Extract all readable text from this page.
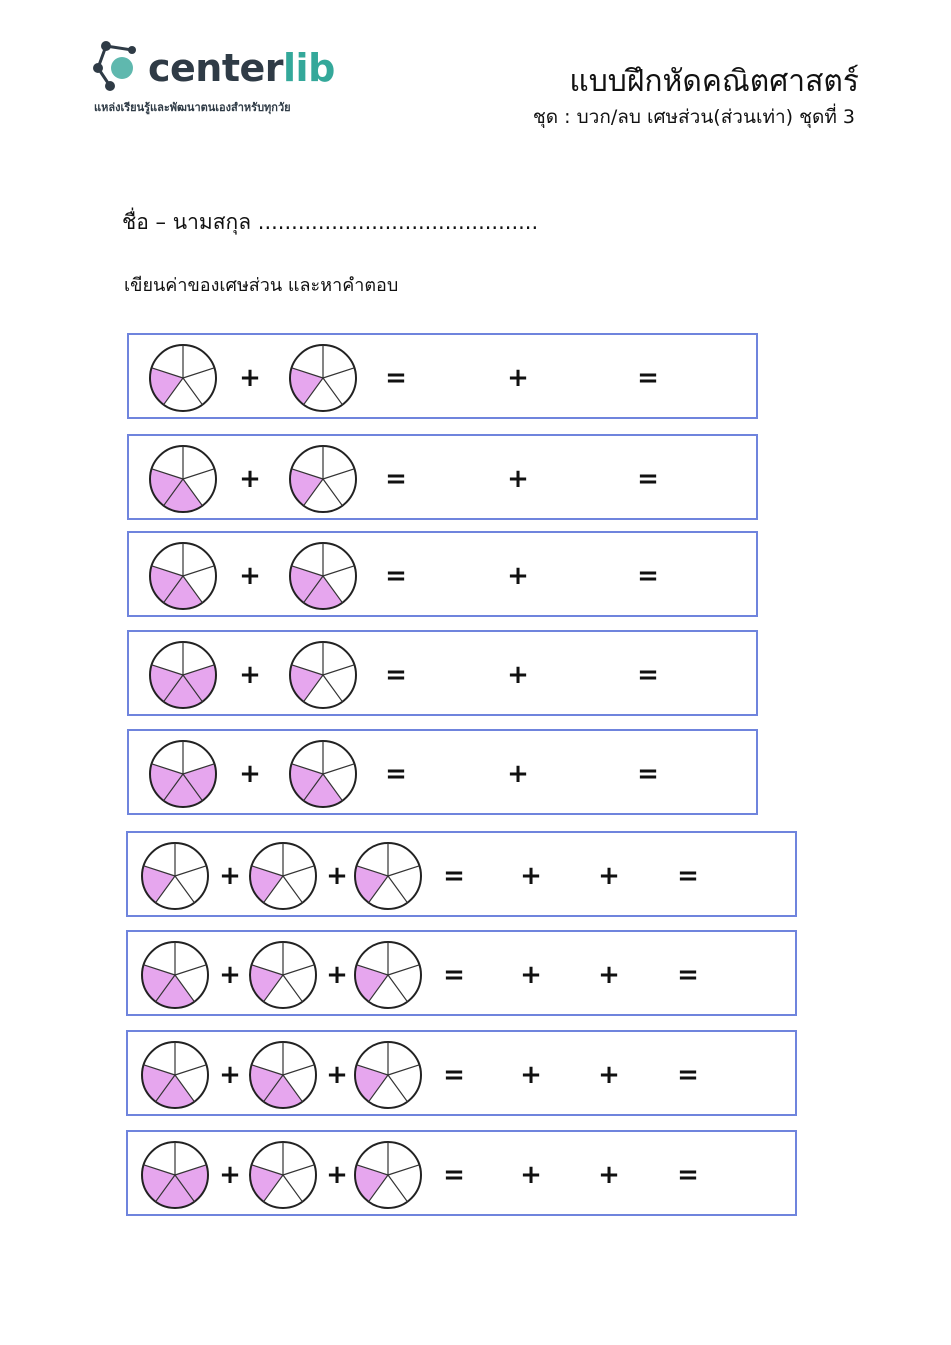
centerlib
แหล่งเรียนรู้และพัฒนาตนเองสำหรับทุกวัย
แบบฝึกหัดคณิตศาสตร์
ชุด : บวก/ลบ เศษส่วน(ส่วนเท่า) ชุดที่ 3
ชื่อ – นามสกุล ..........................................
เขียนค่าของเศษส่วน และหาคำตอบ
+	=	+	=
+	=	+	=
+	=	+	=
+	=	+	=
+	=	+	=
+	+	= + + =
+	+	= + + =
+	+	= + + =
+	+	= + + =
